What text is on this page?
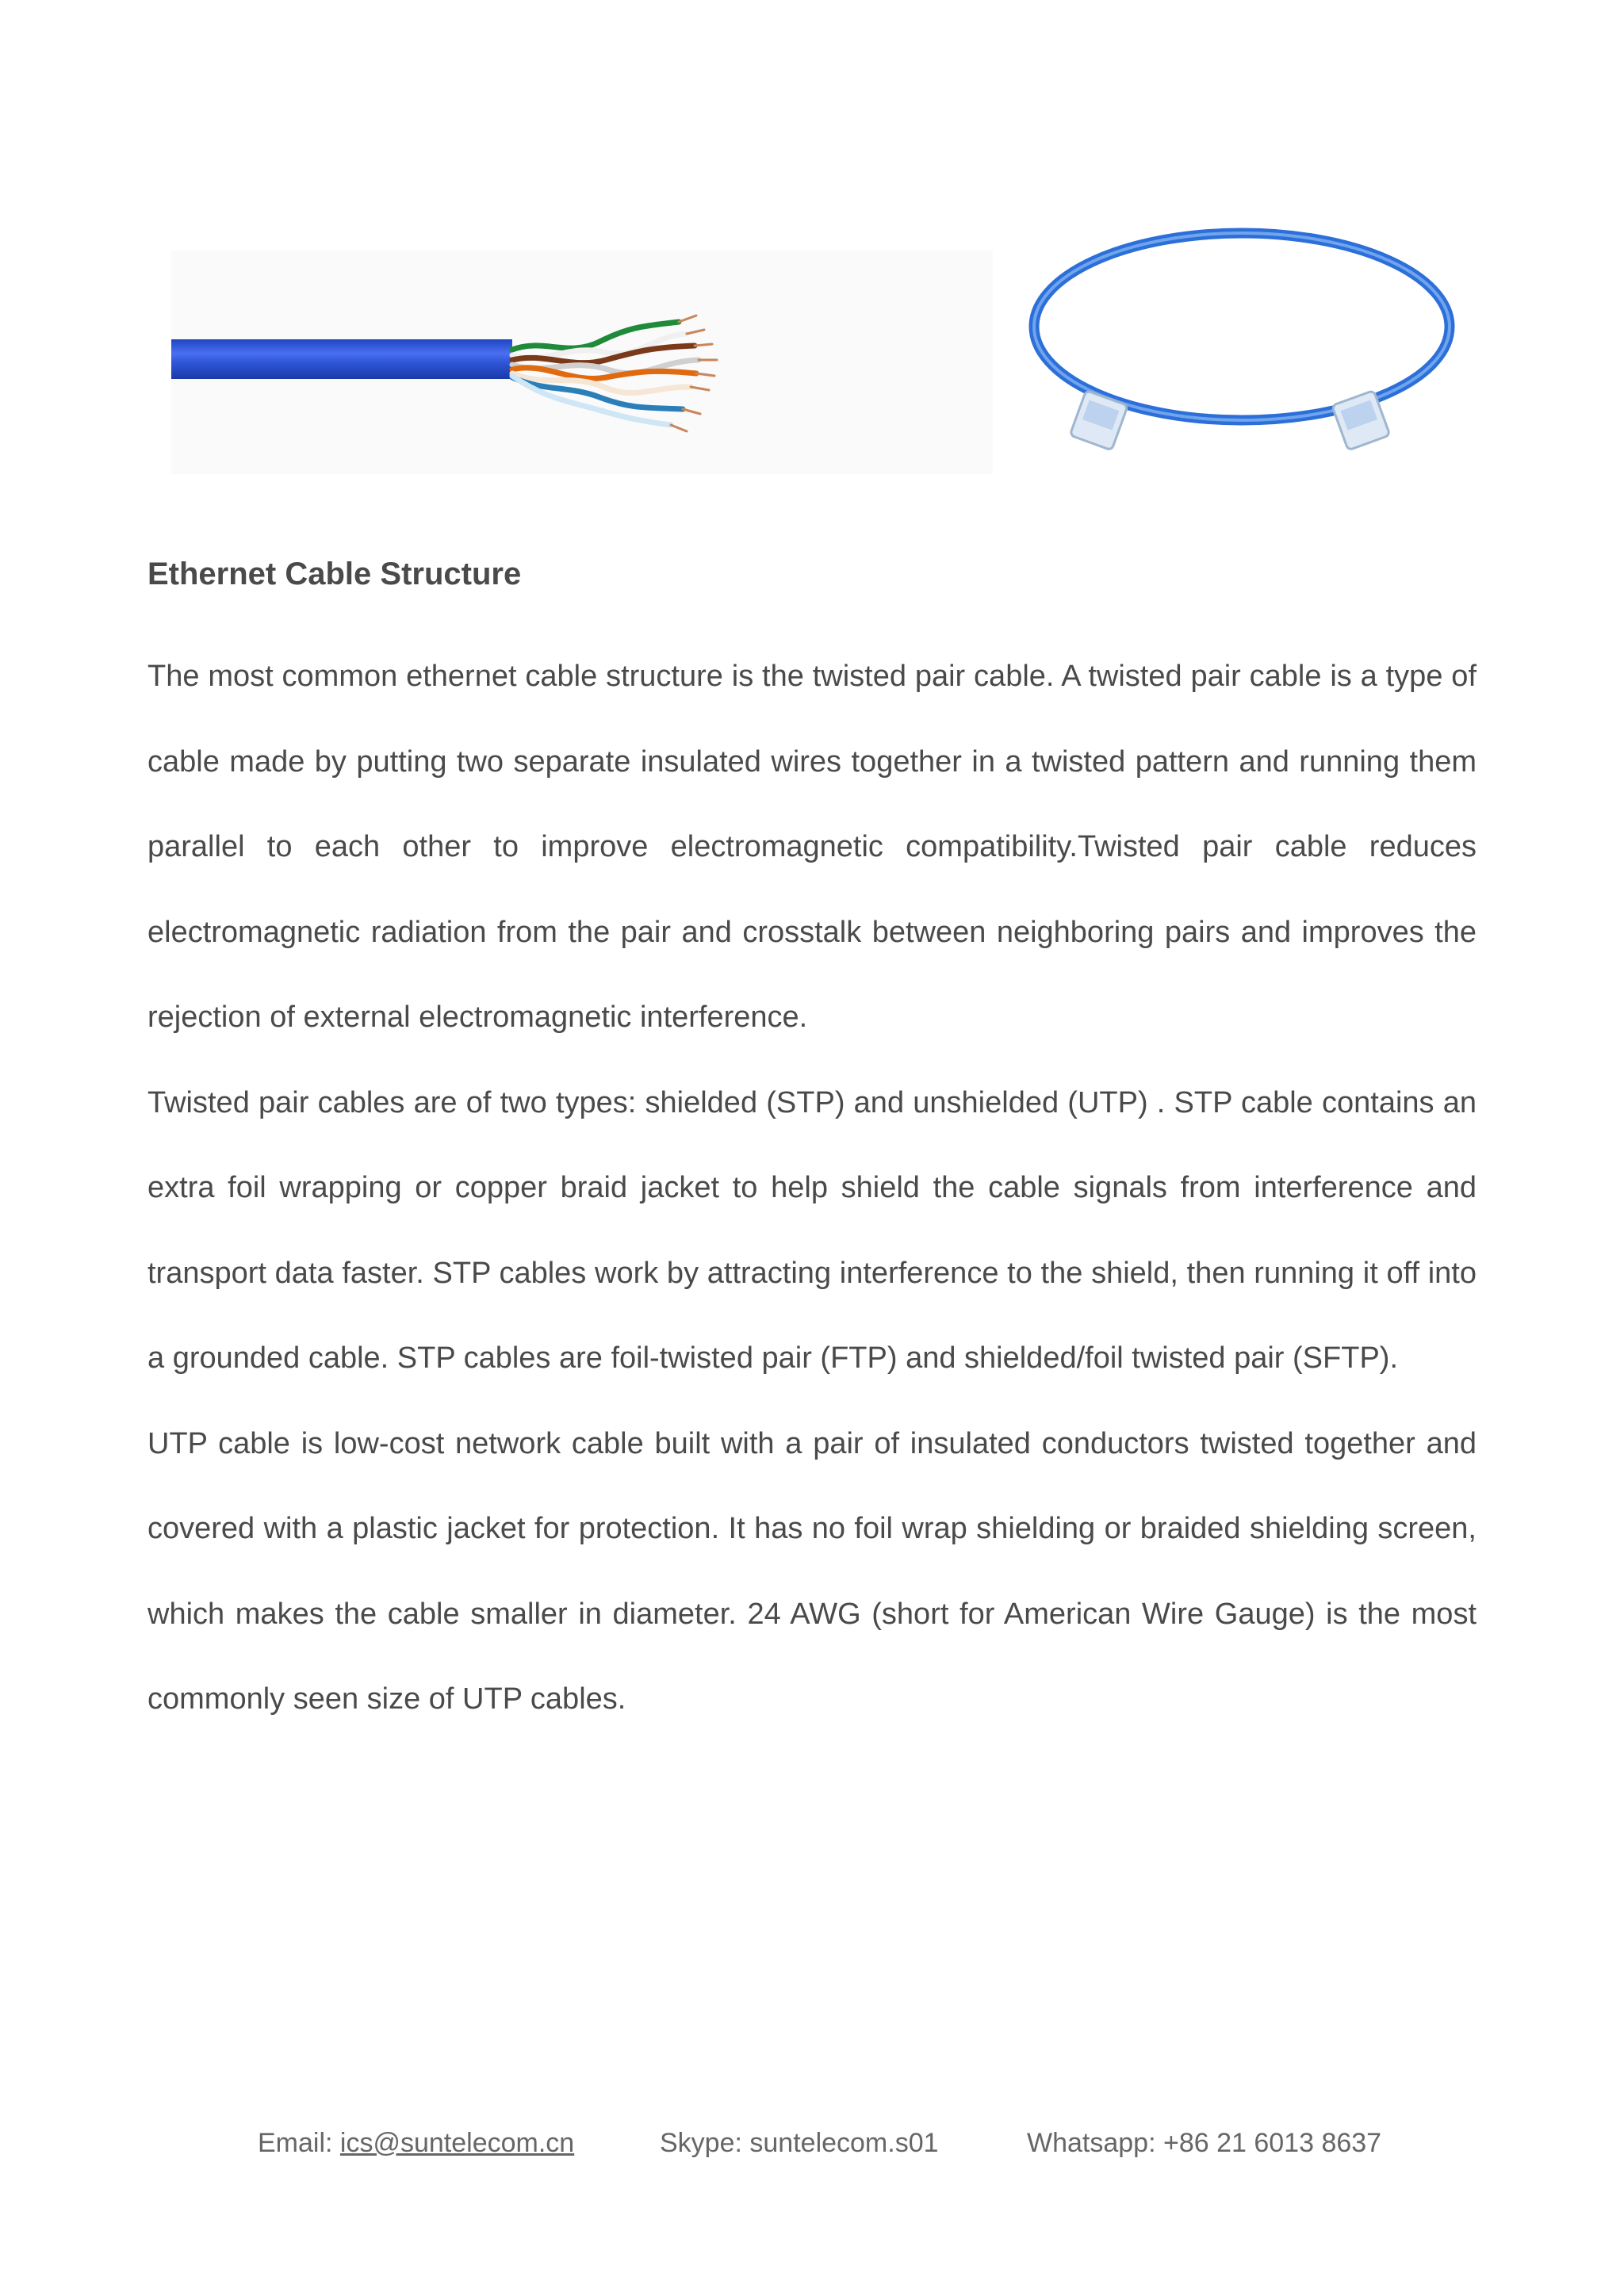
Ethernet Cable Structure

The most common ethernet cable structure is the twisted pair cable. A twisted pair cable is a type of cable made by putting two separate insulated wires together in a twisted pattern and running them parallel to each other to improve electromagnetic compatibility.Twisted pair cable reduces electromagnetic radiation from the pair and crosstalk between neighboring pairs and improves the rejection of external electromagnetic interference.

Twisted pair cables are of two types: shielded (STP) and unshielded (UTP) . STP cable contains an extra foil wrapping or copper braid jacket to help shield the cable signals from interference and transport data faster. STP cables work by attracting interference to the shield, then running it off into a grounded cable. STP cables are foil-twisted pair (FTP) and shielded/foil twisted pair (SFTP).

UTP cable is low-cost network cable built with a pair of insulated conductors twisted together and covered with a plastic jacket for protection. It has no foil wrap shielding or braided shielding screen, which makes the cable smaller in diameter. 24 AWG (short for American Wire Gauge) is the most commonly seen size of UTP cables.

Email: ics@suntelecom.cn	Skype: suntelecom.s01	Whatsapp: +86 21 6013 8637
